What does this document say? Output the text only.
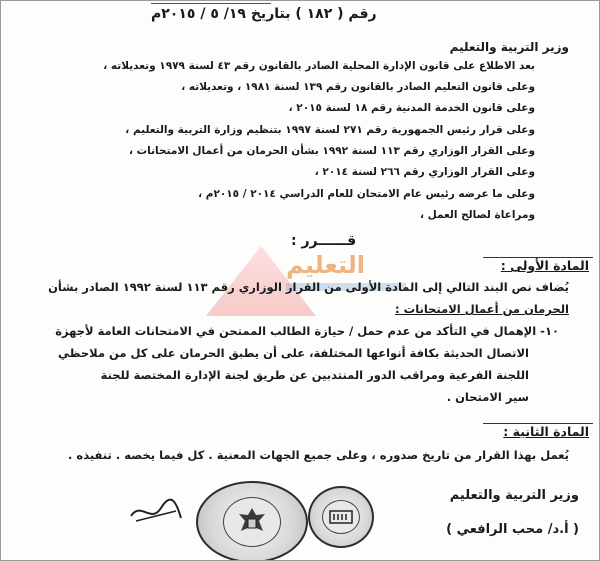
رقم ( ١٨٢ ) بتاريخ ١٩/ ٥ / ٢٠١٥م
وزير التربية والتعليم
بعد الاطلاع على قانون الإدارة المحلية الصادر بالقانون رقم ٤٣ لسنة ١٩٧٩ وتعديلاته ،
وعلى قانون التعليم الصادر بالقانون رقم ١٣٩ لسنة ١٩٨١ ، وتعديلاته ،
وعلى قانون الخدمة المدنية رقم ١٨ لسنة ٢٠١٥ ،
وعلى قرار رئيس الجمهورية رقم ٢٧١ لسنة ١٩٩٧ بتنظيم وزارة التربية والتعليم ،
وعلى القرار الوزاري رقم ١١٣ لسنة ١٩٩٢ بشأن الحرمان من أعمال الامتحانات ،
وعلى القرار الوزاري رقم ٢٦٦ لسنة ٢٠١٤ ،
وعلى ما عرضه رئيس عام الامتحان للعام الدراسي ٢٠١٤ / ٢٠١٥م ،
ومراعاة لصالح العمل ،
التعليم
قــــــرر :
المادة الأولى :
يُضاف نص البند التالي إلى المادة الأولى من القرار الوزاري رقم ١١٣ لسنة ١٩٩٢ الصادر بشأن
الحرمان من أعمال الامتحانات :
١٠- الإهمال في التأكد من عدم حمل / حيازة الطالب الممتحن في الامتحانات العامة لأجهزة
الاتصال الحديثة بكافة أنواعها المختلفة، على أن يطبق الحرمان على كل من ملاحظي
اللجنة الفرعية ومراقب الدور المنتدبين عن طريق لجنة الإدارة المختصة للجنة
سير الامتحان .
المادة الثانية :
يُعمل بهذا القرار من تاريخ صدوره ، وعلى جميع الجهات المعنية . كل فيما يخصه . تنفيذه .
وزير التربية والتعليم
( أ.د/ محب الرافعي )
